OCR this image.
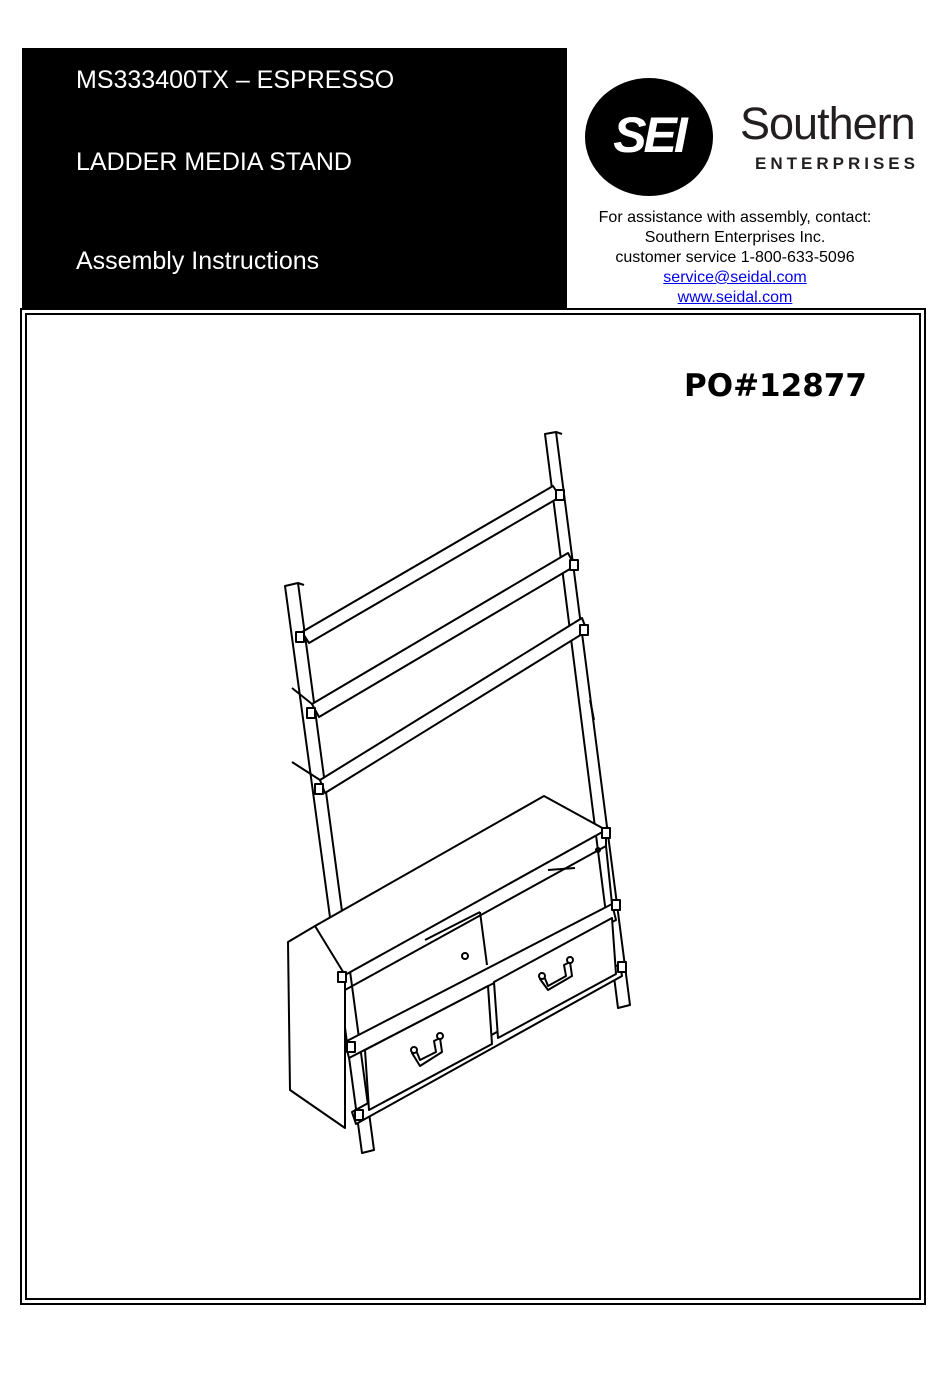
MS333400TX – ESPRESSO
LADDER MEDIA STAND
Assembly Instructions
SEI	Southern
ENTERPRISES
For assistance with assembly, contact:
Southern Enterprises Inc.
customer service 1-800-633-5096
service@seidal.com
www.seidal.com
PO#12877
